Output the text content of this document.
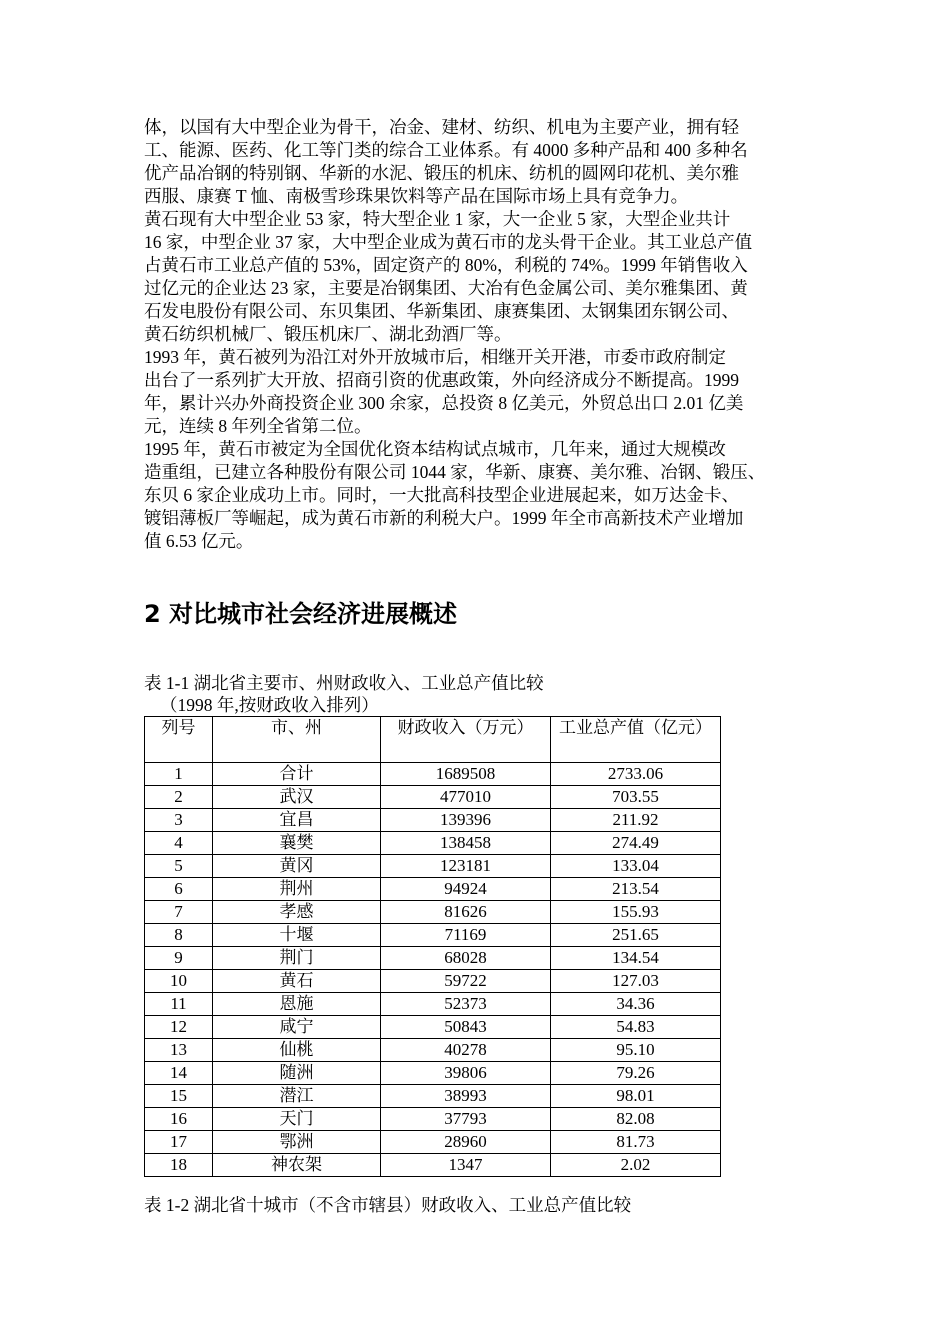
体，以国有大中型企业为骨干，冶金、建材、纺织、机电为主要产业，拥有轻
工、能源、医药、化工等门类的综合工业体系。有 4000 多种产品和 400 多种名
优产品冶钢的特别钢、华新的水泥、锻压的机床、纺机的圆网印花机、美尔雅
西服、康赛 T 恤、南极雪珍珠果饮料等产品在国际市场上具有竞争力。
黄石现有大中型企业 53 家，特大型企业 1 家，大一企业 5 家，大型企业共计
16 家，中型企业 37 家，大中型企业成为黄石市的龙头骨干企业。其工业总产值
占黄石市工业总产值的 53%，固定资产的 80%，利税的 74%。1999 年销售收入
过亿元的企业达 23 家，主要是冶钢集团、大冶有色金属公司、美尔雅集团、黄
石发电股份有限公司、东贝集团、华新集团、康赛集团、太钢集团东钢公司、
黄石纺织机械厂、锻压机床厂、湖北劲酒厂等。
1993 年，黄石被列为沿江对外开放城市后，相继开关开港，市委市政府制定
出台了一系列扩大开放、招商引资的优惠政策，外向经济成分不断提高。1999
年，累计兴办外商投资企业 300 余家，总投资 8 亿美元，外贸总出口 2.01 亿美
元，连续 8 年列全省第二位。
1995 年，黄石市被定为全国优化资本结构试点城市，几年来，通过大规模改
造重组，已建立各种股份有限公司 1044 家，华新、康赛、美尔雅、冶钢、锻压、
东贝 6 家企业成功上市。同时，一大批高科技型企业进展起来，如万达金卡、
镀铝薄板厂等崛起，成为黄石市新的利税大户。1999 年全市高新技术产业增加
值 6.53 亿元。
2 对比城市社会经济进展概述

表 1-1 湖北省主要市、州财政收入、工业总产值比较

（1998 年,按财政收入排列）

列号	市、州	财政收入（万元）	工业总产值（亿元）
1	合计	1689508	2733.06
2	武汉	477010	703.55
3	宜昌	139396	211.92
4	襄樊	138458	274.49
5	黄冈	123181	133.04
6	荆州	94924	213.54
7	孝感	81626	155.93
8	十堰	71169	251.65
9	荆门	68028	134.54
10	黄石	59722	127.03
11	恩施	52373	34.36
12	咸宁	50843	54.83
13	仙桃	40278	95.10
14	随洲	39806	79.26
15	潜江	38993	98.01
16	天门	37793	82.08
17	鄂洲	28960	81.73
18	神农架	1347	2.02

表 1-2 湖北省十城市（不含市辖县）财政收入、工业总产值比较
